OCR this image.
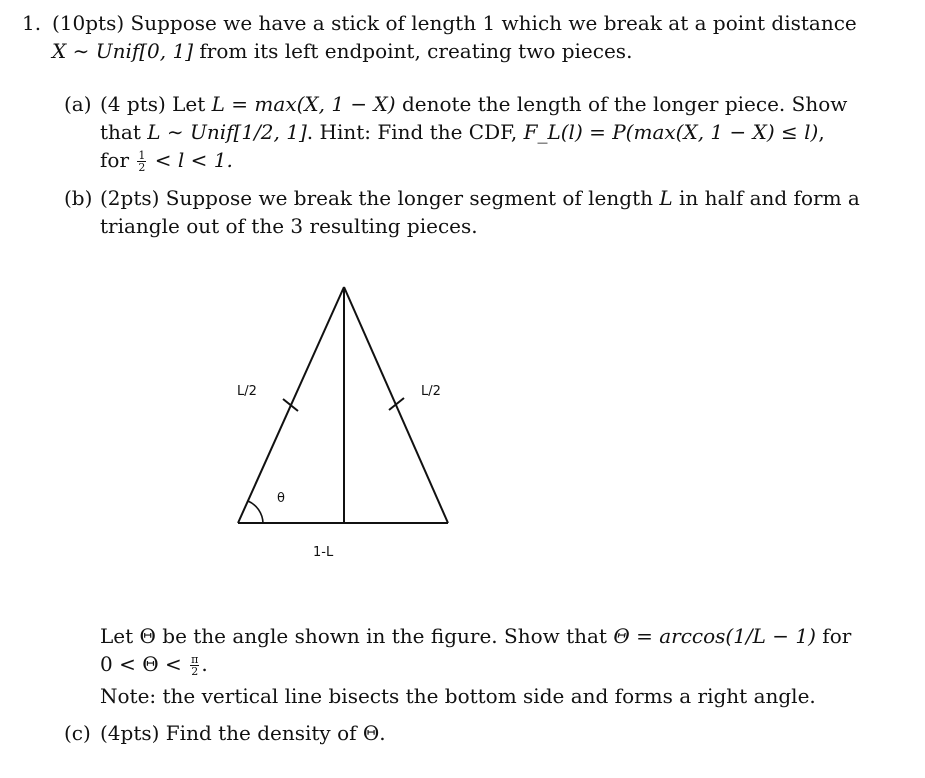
1. (10pts) Suppose we have a stick of length 1 which we break at a point distance
X ∼ Unif[0, 1] from its left endpoint, creating two pieces.
(a) (4 pts) Let L = max(X, 1 − X) denote the length of the longer piece. Show
that L ∼ Unif[1/2, 1]. Hint: Find the CDF, F_L(l) = P(max(X, 1 − X) ≤ l),
for $\frac{1}{2} < l < 1$.
(b) (2pts) Suppose we break the longer segment of length L in half and form a
triangle out of the 3 resulting pieces.
L/2	L/2
θ
1-L
Let Θ be the angle shown in the figure. Show that Θ = arccos(1/L − 1) for
$0 < \Theta < \frac{\pi}{2}$ .
Note: the vertical line bisects the bottom side and forms a right angle.
(c) (4pts) Find the density of Θ.
